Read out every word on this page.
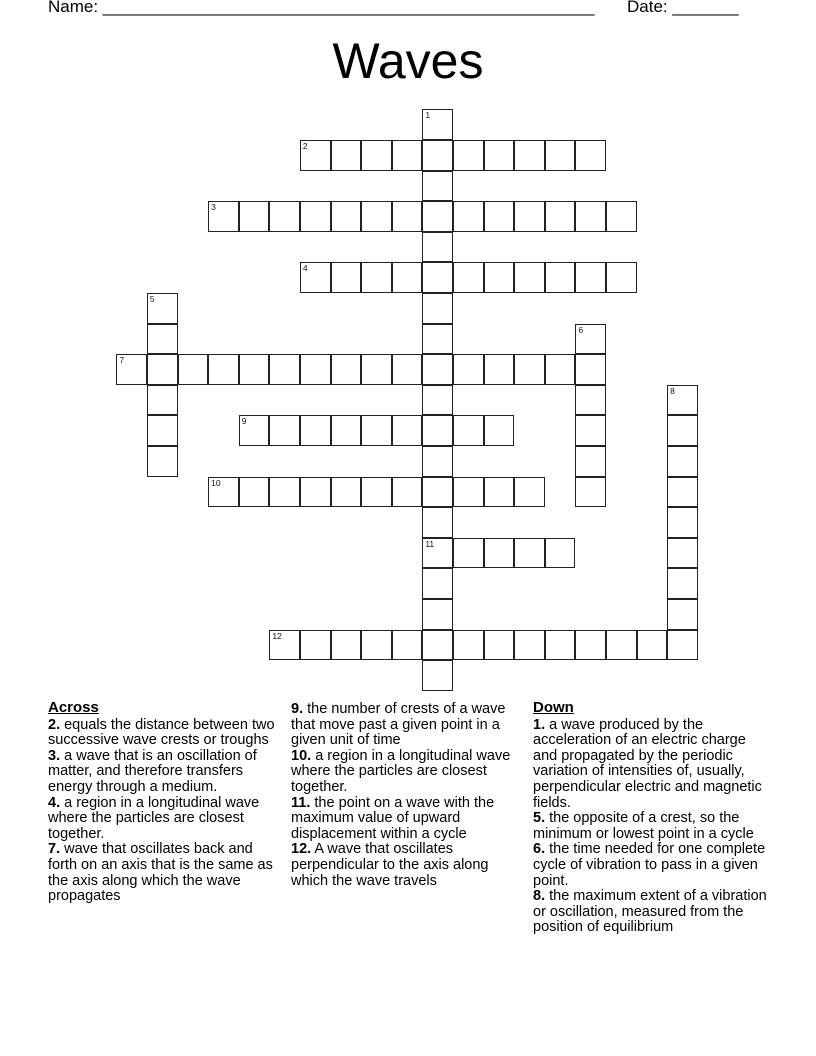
Name: ____________________________________________________ Date: _______
Waves
1
11
2
3
4
5
6
7
8
9
10
12
Across
2. equals the distance between two successive wave crests or troughs
3. a wave that is an oscillation of matter, and therefore transfers energy through a medium.
4. a region in a longitudinal wave where the particles are closest together.
7. wave that oscillates back and forth on an axis that is the same as the axis along which the wave propagates
9. the number of crests of a wave that move past a given point in a given unit of time
10. a region in a longitudinal wave where the particles are closest together.
11. the point on a wave with the maximum value of upward displacement within a cycle
12. A wave that oscillates perpendicular to the axis along which the wave travels
Down
1. a wave produced by the acceleration of an electric charge and propagated by the periodic variation of intensities of, usually, perpendicular electric and magnetic fields.
5. the opposite of a crest, so the minimum or lowest point in a cycle
6. the time needed for one complete cycle of vibration to pass in a given point.
8. the maximum extent of a vibration or oscillation, measured from the position of equilibrium
